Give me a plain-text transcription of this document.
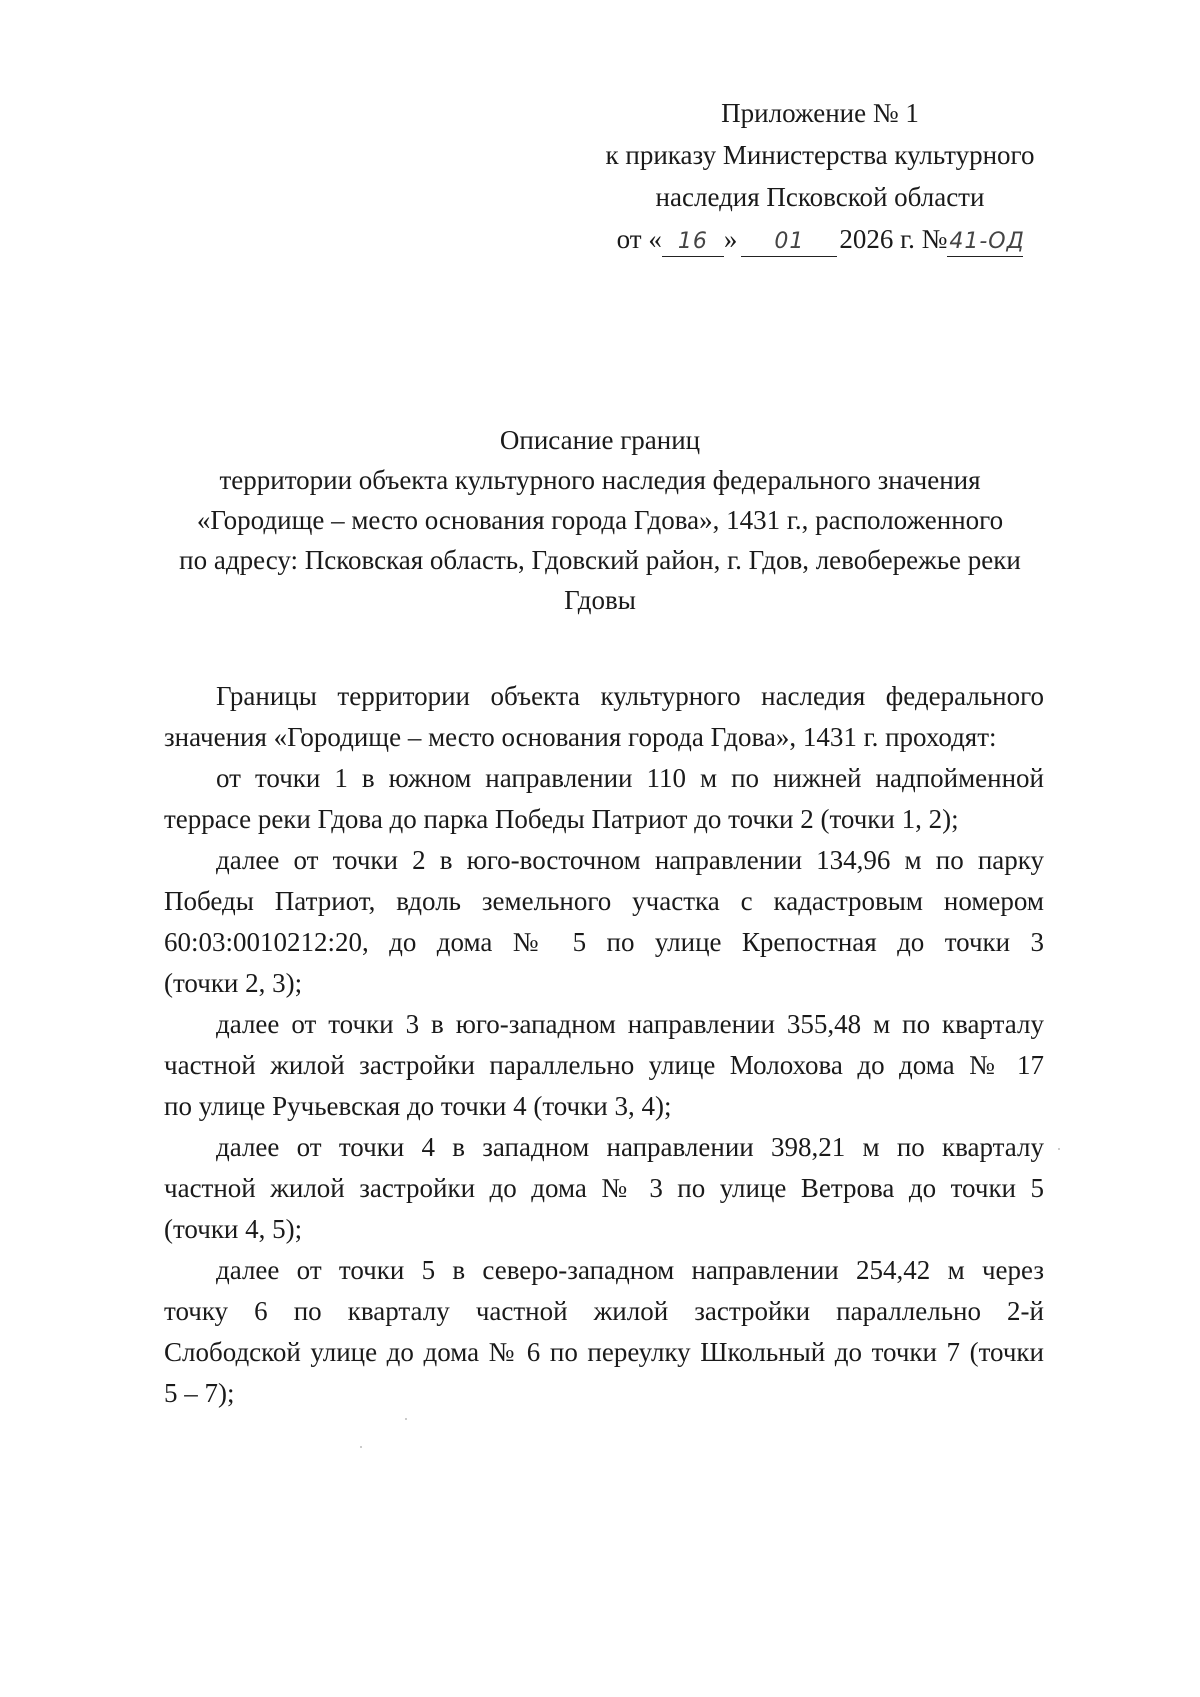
Приложение № 1
к приказу Министерства культурного
наследия Псковской области
от « 16 » 01 2026 г. №41-ОД
Описание границ
территории объекта культурного наследия федерального значения
«Городище – место основания города Гдова», 1431 г., расположенного
по адресу: Псковская область, Гдовский район, г. Гдов, левобережье реки
Гдовы
Границы территории объекта культурного наследия федерального
значения «Городище – место основания города Гдова», 1431 г. проходят:
от точки 1 в южном направлении 110 м по нижней надпойменной
террасе реки Гдова до парка Победы Патриот до точки 2 (точки 1, 2);
далее от точки 2 в юго-восточном направлении 134,96 м по парку
Победы Патриот, вдоль земельного участка с кадастровым номером
60:03:0010212:20, до дома № 5 по улице Крепостная до точки 3
(точки 2, 3);
далее от точки 3 в юго-западном направлении 355,48 м по кварталу
частной жилой застройки параллельно улице Молохова до дома № 17
по улице Ручьевская до точки 4 (точки 3, 4);
далее от точки 4 в западном направлении 398,21 м по кварталу
частной жилой застройки до дома № 3 по улице Ветрова до точки 5
(точки 4, 5);
далее от точки 5 в северо-западном направлении 254,42 м через
точку 6 по кварталу частной жилой застройки параллельно 2-й
Слободской улице до дома № 6 по переулку Школьный до точки 7 (точки
5 – 7);
